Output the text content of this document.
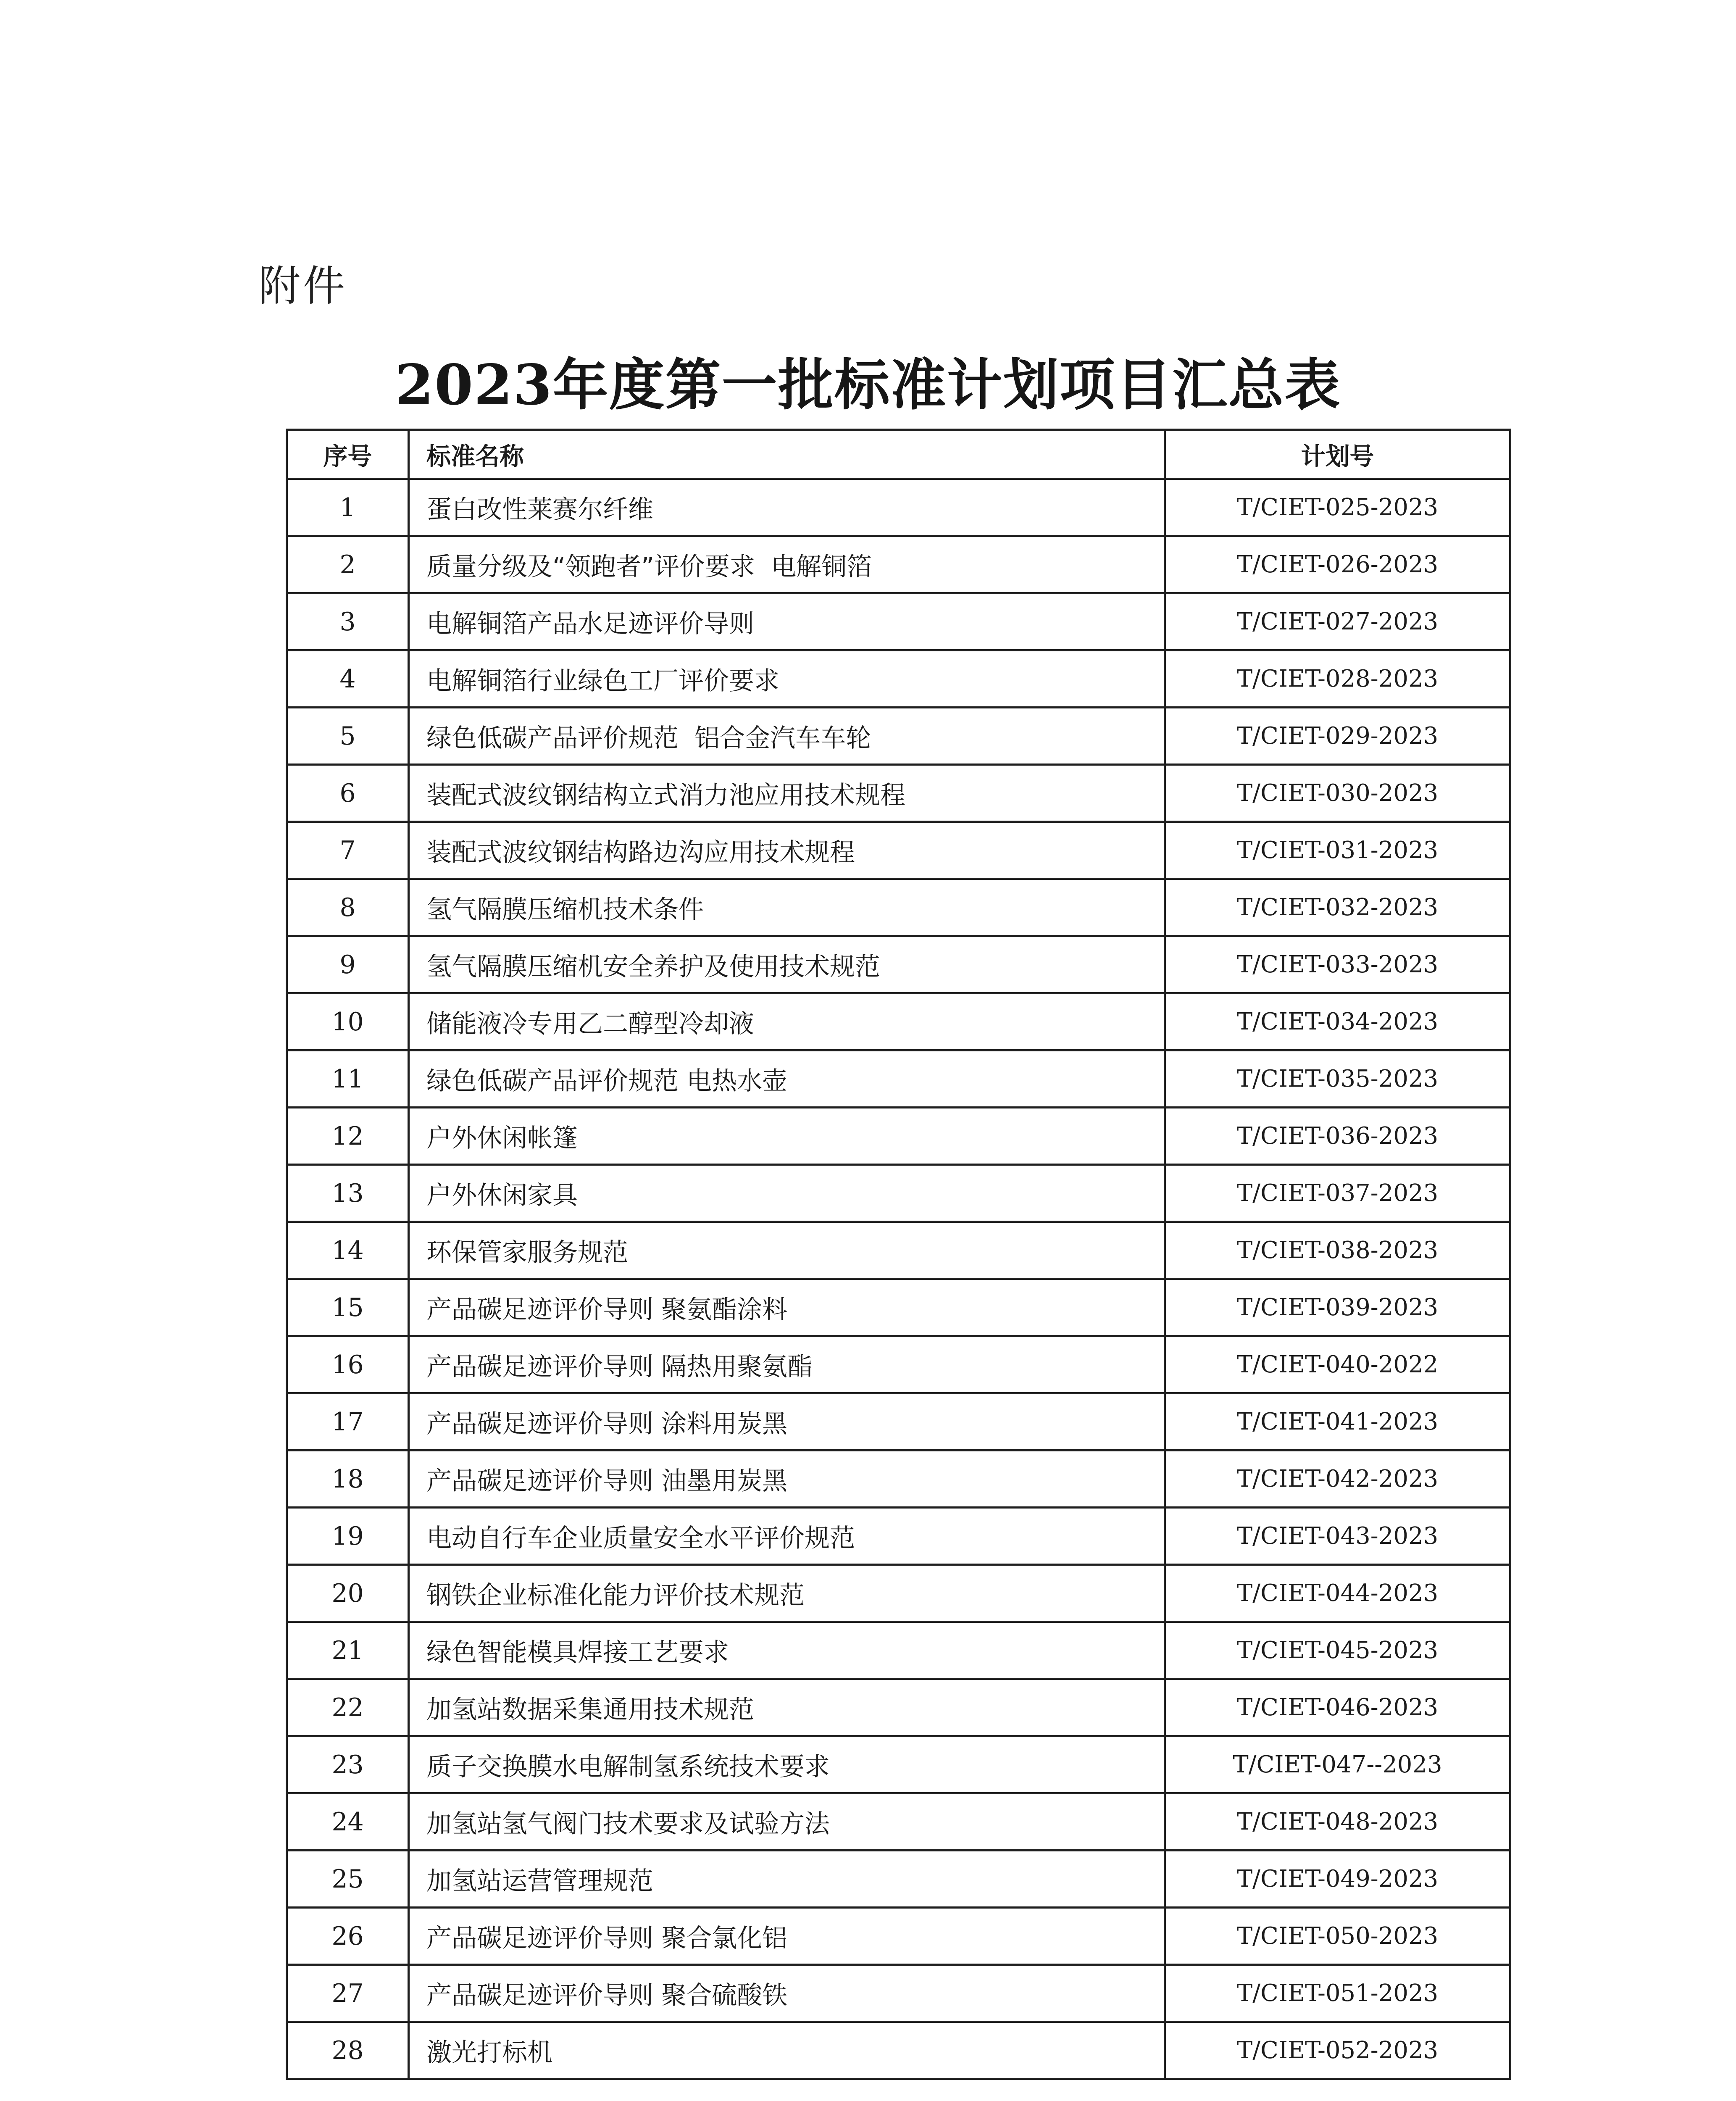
附件
2023年度第一批标准计划项目汇总表
序号	标准名称	计划号
1	蛋白改性莱赛尔纤维	T/CIET-025-2023
2	质量分级及“领跑者”评价要求  电解铜箔	T/CIET-026-2023
3	电解铜箔产品水足迹评价导则	T/CIET-027-2023
4	电解铜箔行业绿色工厂评价要求	T/CIET-028-2023
5	绿色低碳产品评价规范  铝合金汽车车轮	T/CIET-029-2023
6	装配式波纹钢结构立式消力池应用技术规程	T/CIET-030-2023
7	装配式波纹钢结构路边沟应用技术规程	T/CIET-031-2023
8	氢气隔膜压缩机技术条件	T/CIET-032-2023
9	氢气隔膜压缩机安全养护及使用技术规范	T/CIET-033-2023
10	储能液冷专用乙二醇型冷却液	T/CIET-034-2023
11	绿色低碳产品评价规范 电热水壶	T/CIET-035-2023
12	户外休闲帐篷	T/CIET-036-2023
13	户外休闲家具	T/CIET-037-2023
14	环保管家服务规范	T/CIET-038-2023
15	产品碳足迹评价导则 聚氨酯涂料	T/CIET-039-2023
16	产品碳足迹评价导则 隔热用聚氨酯	T/CIET-040-2022
17	产品碳足迹评价导则 涂料用炭黑	T/CIET-041-2023
18	产品碳足迹评价导则 油墨用炭黑	T/CIET-042-2023
19	电动自行车企业质量安全水平评价规范	T/CIET-043-2023
20	钢铁企业标准化能力评价技术规范	T/CIET-044-2023
21	绿色智能模具焊接工艺要求	T/CIET-045-2023
22	加氢站数据采集通用技术规范	T/CIET-046-2023
23	质子交换膜水电解制氢系统技术要求	T/CIET-047--2023
24	加氢站氢气阀门技术要求及试验方法	T/CIET-048-2023
25	加氢站运营管理规范	T/CIET-049-2023
26	产品碳足迹评价导则 聚合氯化铝	T/CIET-050-2023
27	产品碳足迹评价导则 聚合硫酸铁	T/CIET-051-2023
28	激光打标机	T/CIET-052-2023
